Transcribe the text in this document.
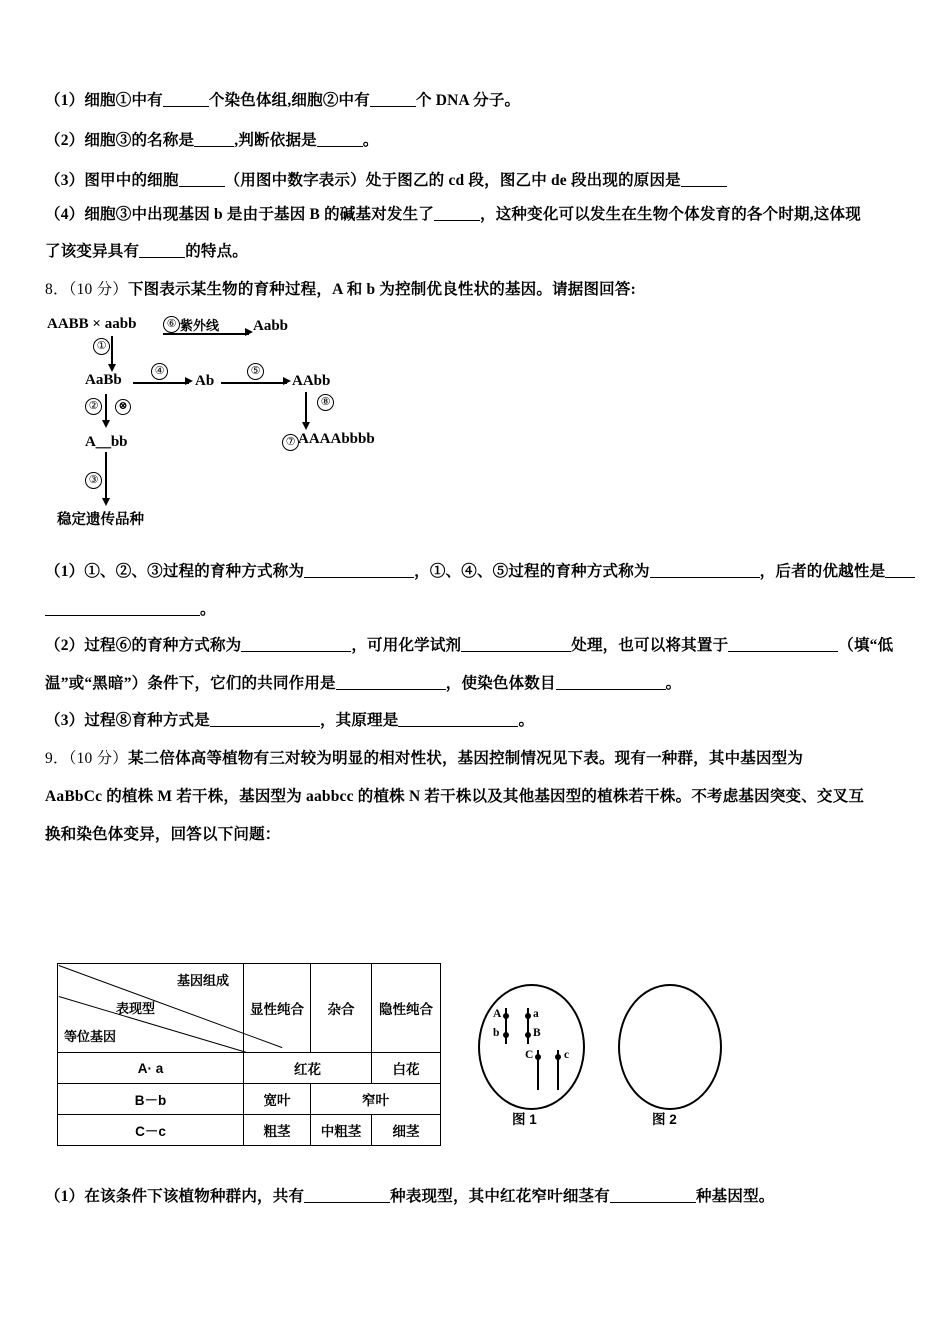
（1）细胞①中有	个染色体组,细胞②中有	个 DNA 分子。
（2）细胞③的名称是	,判断依据是	。
（3）图甲中的细胞	（用图中数字表示）处于图乙的 cd 段，图乙中 de 段出现的原因是
（4）细胞③中出现基因 b 是由于基因 B 的碱基对发生了	，这种变化可以发生在生物个体发育的各个时期,这体现
了该变异具有	的特点。
8．（10 分）下图表示某生物的育种过程，A 和 b 为控制优良性状的基因。请据图回答:
AABB × aabb	⑥ 紫外线 Aabb
①
AaBb
④
Ab
⑤
AAbb
⑧
⑦ AAAAbbbb
②	⊗
A＿bb
③
稳定遗传品种
（1）①、②、③过程的育种方式称为	，①、④、⑤过程的育种方式称为	，后者的优越性是
。
（2）过程⑥的育种方式称为	，可用化学试剂	处理，也可以将其置于	（填“低
温”或“黑暗”）条件下，它们的共同作用是	，使染色体数目	。
（3）过程⑧育种方式是	，其原理是	。
9．（10 分）某二倍体高等植物有三对较为明显的相对性状，基因控制情况见下表。现有一种群，其中基因型为
AaBbCc 的植株 M 若干株，基因型为 aabbcc 的植株 N 若干株以及其他基因型的植株若干株。不考虑基因突变、交叉互
换和染色体变异，回答以下问题：
基因组成
表现型
等位基因	显性纯合	杂合	隐性纯合
A· a	红花		白花
B－b	宽叶	窄叶	
C－c	粗茎	中粗茎	细茎
A	a
b	B
C	c
图 1	图 2
（1）在该条件下该植物种群内，共有	种表现型，其中红花窄叶细茎有	种基因型。
